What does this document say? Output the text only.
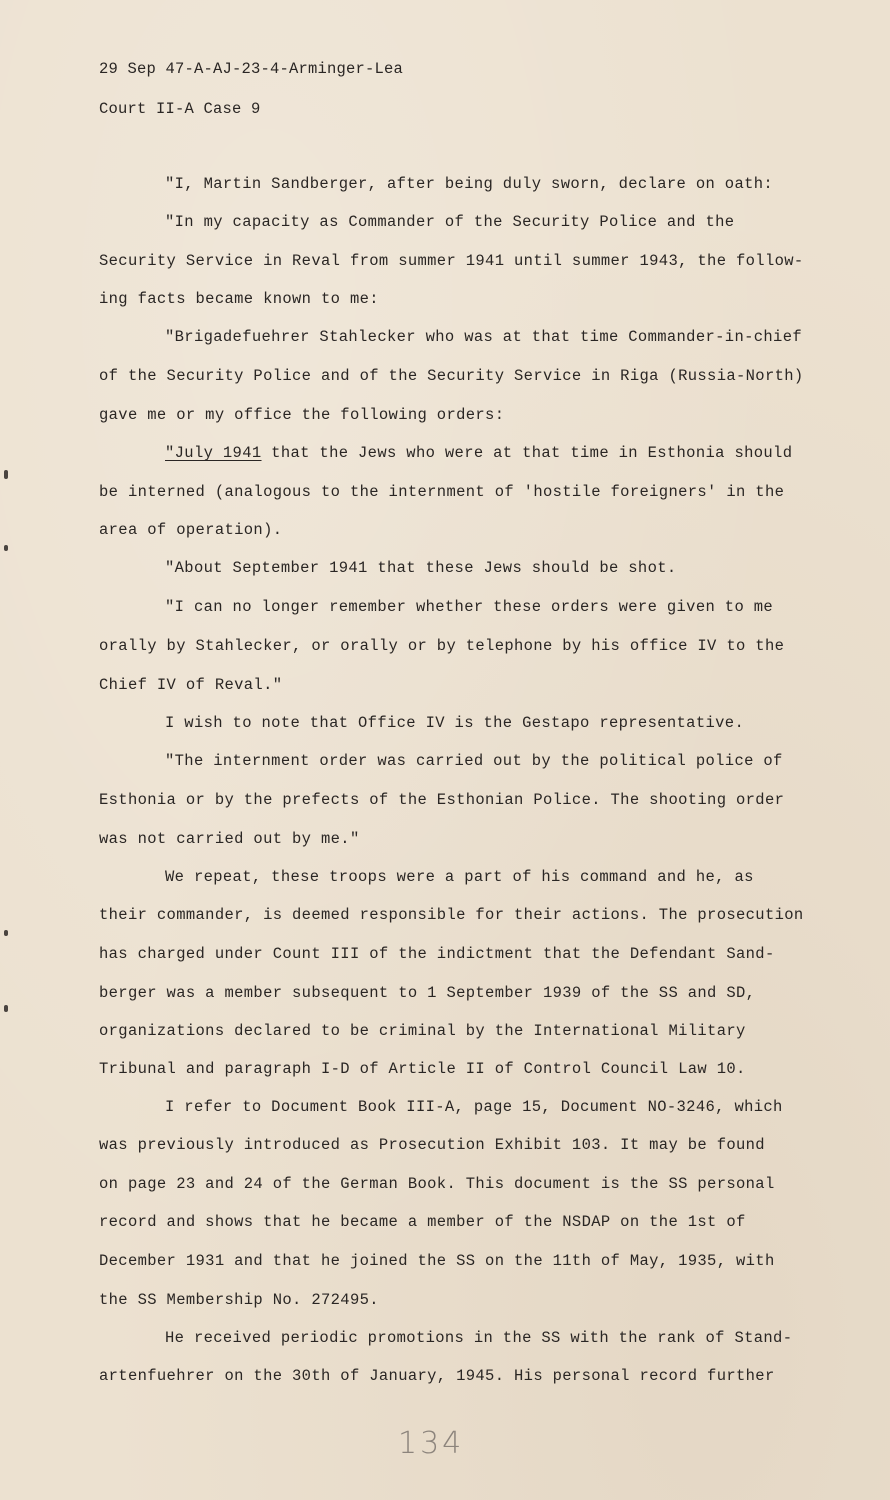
29 Sep 47-A-AJ-23-4-Arminger-Lea
Court II-A Case 9
"I, Martin Sandberger, after being duly sworn, declare on oath:
"In my capacity as Commander of the Security Police and the
Security Service in Reval from summer 1941 until summer 1943, the follow-
ing facts became known to me:
"Brigadefuehrer Stahlecker who was at that time Commander-in-chief
of the Security Police and of the Security Service in Riga (Russia-North)
gave me or my office the following orders:
"July 1941 that the Jews who were at that time in Esthonia should
be interned (analogous to the internment of 'hostile foreigners' in the
area of operation).
"About September 1941 that these Jews should be shot.
"I can no longer remember whether these orders were given to me
orally by Stahlecker, or orally or by telephone by his office IV to the
Chief IV of Reval."
I wish to note that Office IV is the Gestapo representative.
"The internment order was carried out by the political police of
Esthonia or by the prefects of the Esthonian Police. The shooting order
was not carried out by me."
We repeat, these troops were a part of his command and he, as
their commander, is deemed responsible for their actions. The prosecution
has charged under Count III of the indictment that the Defendant Sand-
berger was a member subsequent to 1 September 1939 of the SS and SD,
organizations declared to be criminal by the International Military
Tribunal and paragraph I-D of Article II of Control Council Law 10.
I refer to Document Book III-A, page 15, Document NO-3246, which
was previously introduced as Prosecution Exhibit 103. It may be found
on page 23 and 24 of the German Book. This document is the SS personal
record and shows that he became a member of the NSDAP on the 1st of
December 1931 and that he joined the SS on the 11th of May, 1935, with
the SS Membership No. 272495.
He received periodic promotions in the SS with the rank of Stand-
artenfuehrer on the 30th of January, 1945. His personal record further
134
